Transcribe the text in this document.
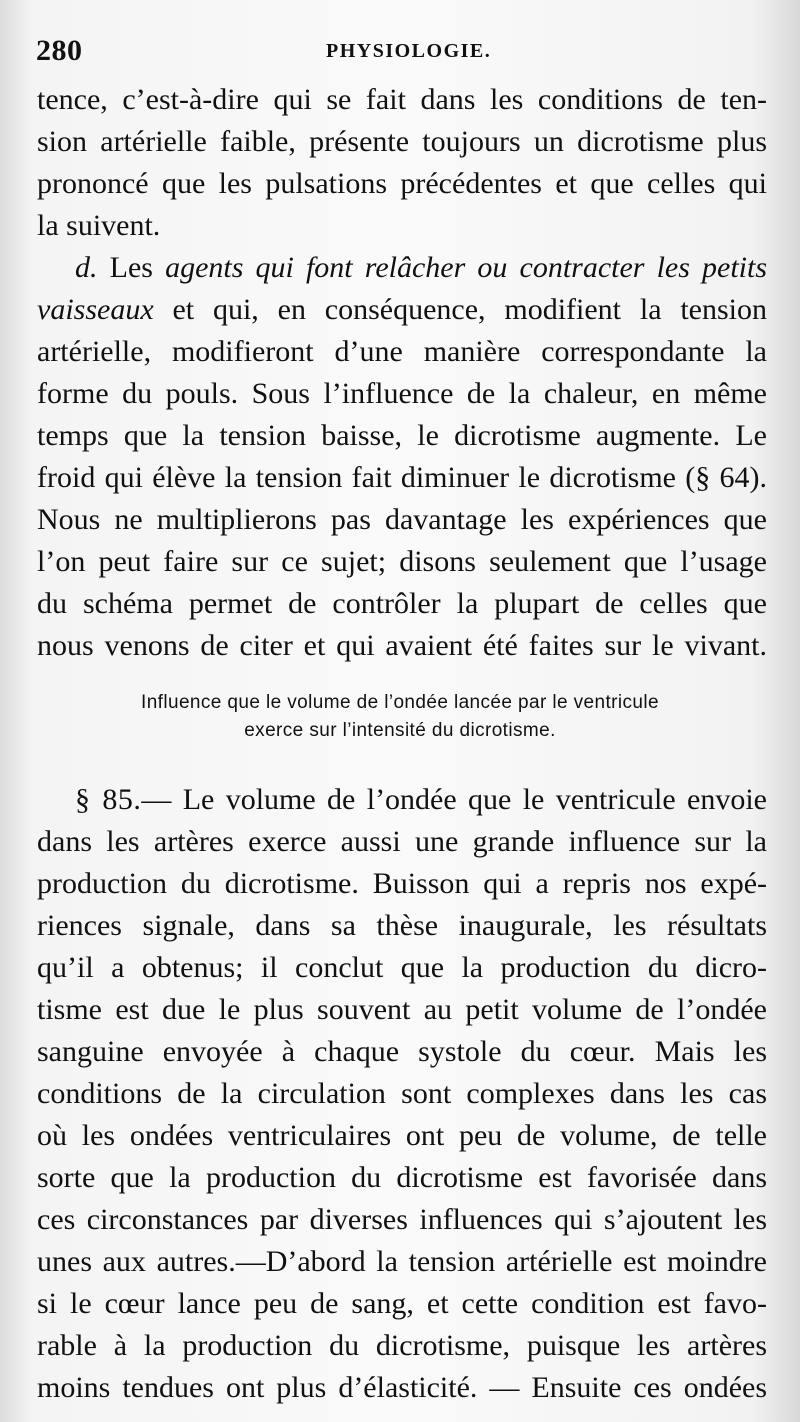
280	PHYSIOLOGIE.
tence, c’est-à-dire qui se fait dans les conditions de ten-
sion artérielle faible, présente toujours un dicrotisme plus
prononcé que les pulsations précédentes et que celles qui
la suivent.
d. Les agents qui font relâcher ou contracter les petits
vaisseaux et qui, en conséquence, modifient la tension
artérielle, modifieront d’une manière correspondante la
forme du pouls. Sous l’influence de la chaleur, en même
temps que la tension baisse, le dicrotisme augmente. Le
froid qui élève la tension fait diminuer le dicrotisme (§ 64).
Nous ne multiplierons pas davantage les expériences que
l’on peut faire sur ce sujet; disons seulement que l’usage
du schéma permet de contrôler la plupart de celles que
nous venons de citer et qui avaient été faites sur le vivant.
Influence que le volume de l’ondée lancée par le ventricule
exerce sur l’intensité du dicrotisme.
§ 85.— Le volume de l’ondée que le ventricule envoie
dans les artères exerce aussi une grande influence sur la
production du dicrotisme. Buisson qui a repris nos expé-
riences signale, dans sa thèse inaugurale, les résultats
qu’il a obtenus; il conclut que la production du dicro-
tisme est due le plus souvent au petit volume de l’ondée
sanguine envoyée à chaque systole du cœur. Mais les
conditions de la circulation sont complexes dans les cas
où les ondées ventriculaires ont peu de volume, de telle
sorte que la production du dicrotisme est favorisée dans
ces circonstances par diverses influences qui s’ajoutent les
unes aux autres.—D’abord la tension artérielle est moindre
si le cœur lance peu de sang, et cette condition est favo-
rable à la production du dicrotisme, puisque les artères
moins tendues ont plus d’élasticité. — Ensuite ces ondées
